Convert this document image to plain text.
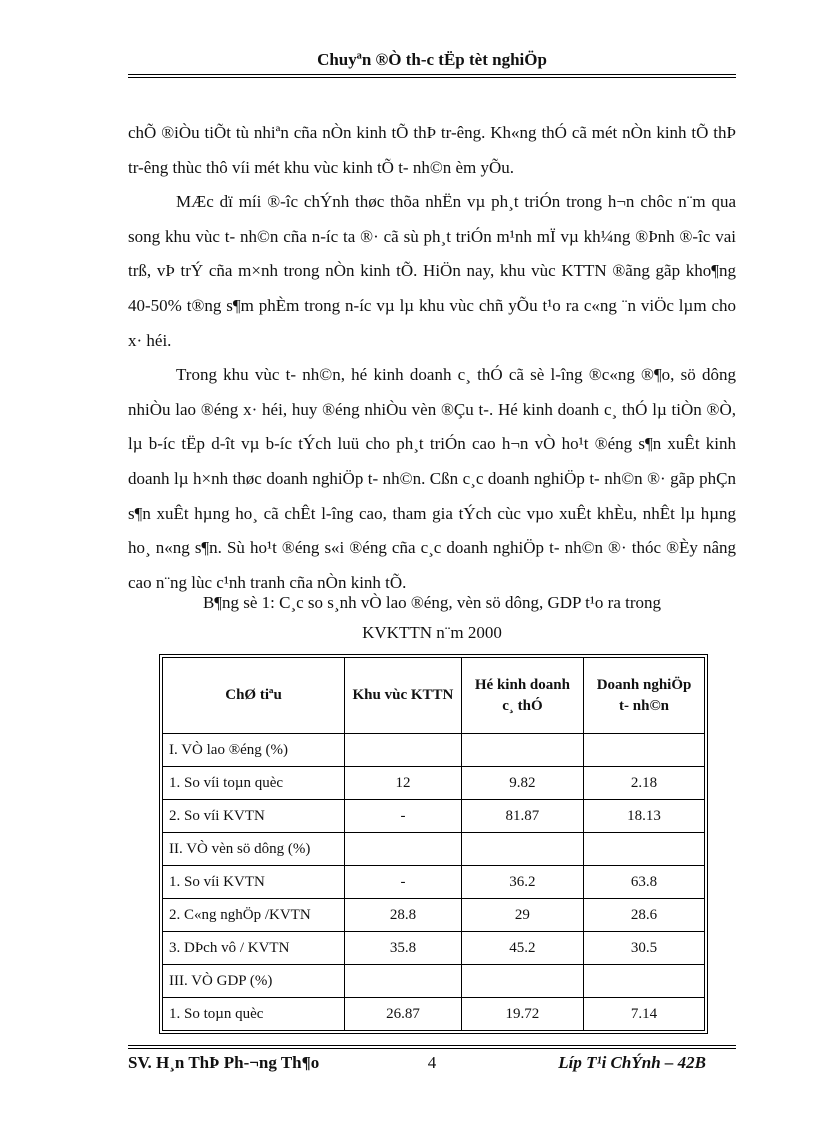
Chuyªn ®Ò th-c tËp tèt nghiÖp

chÕ ®iÒu tiÕt tù nhiªn cña nÒn kinh tÕ thÞ tr-êng. Kh«ng thÓ cã mét nÒn kinh tÕ thÞ tr-êng thùc thô víi mét khu vùc kinh tÕ t- nh©n èm yÕu.

MÆc dï míi ®-îc chÝnh thøc thõa nhËn vµ ph¸t triÓn trong h¬n chôc n¨m qua song khu vùc t- nh©n cña n-íc ta ®· cã sù ph¸t triÓn m¹nh mÏ vµ kh¼ng ®Þnh ®-îc vai trß, vÞ trÝ cña m×nh trong nÒn kinh tÕ. HiÖn nay, khu vùc KTTN ®ãng gãp kho¶ng 40-50% t®ng s¶m phÈm trong n-íc vµ lµ khu vùc chñ yÕu t¹o ra c«ng ¨n viÖc lµm cho x· héi.

Trong khu vùc t- nh©n, hé kinh doanh c¸ thÓ cã sè l-îng ®c«ng ®¶o, sö dông nhiÒu lao ®éng x· héi, huy ®éng nhiÒu vèn ®Çu t-. Hé kinh doanh c¸ thÓ lµ tiÒn ®Ò, lµ b-íc tËp d-ît vµ b-íc tÝch luü cho ph¸t triÓn cao h¬n vÒ ho¹t ®éng s¶n xuÊt kinh doanh lµ h×nh thøc doanh nghiÖp t- nh©n. Cßn c¸c doanh nghiÖp t- nh©n ®· gãp phÇn s¶n xuÊt hµng ho¸ cã chÊt l-îng cao, tham gia tÝch cùc vµo xuÊt khÈu, nhÊt lµ hµng ho¸ n«ng s¶n. Sù ho¹t ®éng s«i ®éng cña c¸c doanh nghiÖp t- nh©n ®· thóc ®Èy nâng cao n¨ng lùc c¹nh tranh cña nÒn kinh tÕ.

B¶ng sè 1: C¸c so s¸nh vÒ lao ®éng, vèn sö dông, GDP t¹o ra trong
KVKTTN n¨m 2000
ChØ tiªu	Khu vùc KTTN	Hé kinh doanh c¸ thÓ	Doanh nghiÖp t- nh©n
I. VÒ lao ®éng (%)			
1. So víi toµn quèc	12	9.82	2.18
2. So víi KVTN	-	81.87	18.13
II. VÒ vèn sö dông (%)			
1. So víi KVTN	-	36.2	63.8
2. C«ng nghÖp /KVTN	28.8	29	28.6
3. DÞch vô / KVTN	35.8	45.2	30.5
III. VÒ GDP (%)			
1. So toµn quèc	26.87	19.72	7.14
SV. H¸n ThÞ Ph-¬ng Th¶o	4	Líp T¹i ChÝnh – 42B
